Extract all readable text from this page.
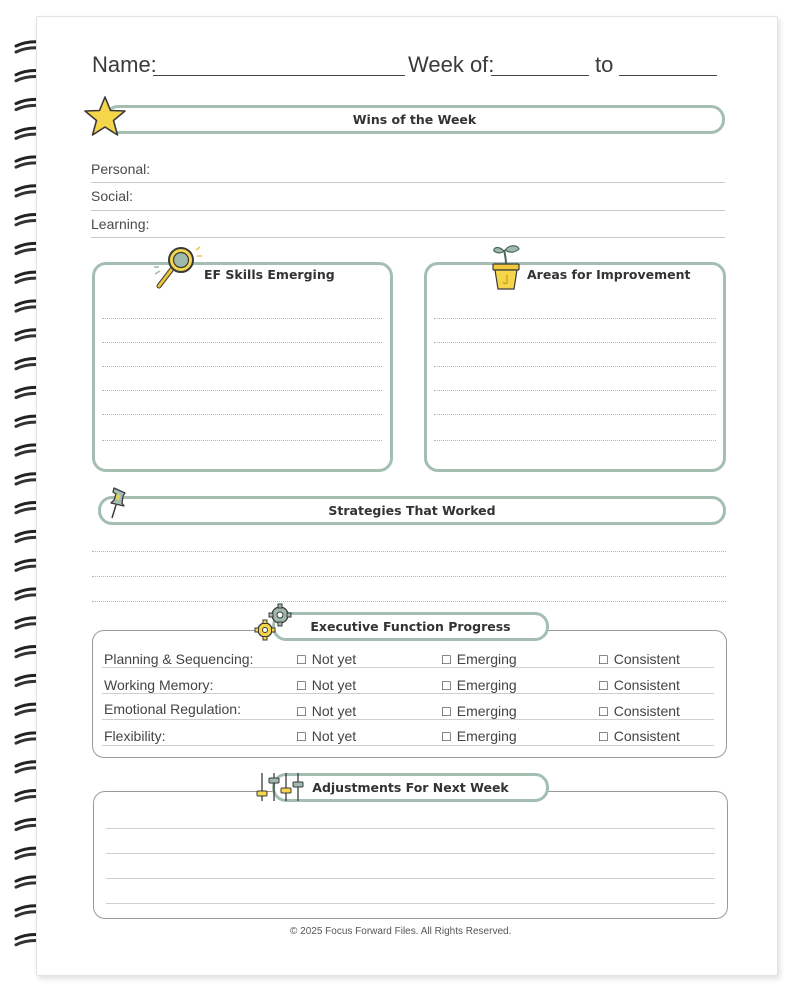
Name:	Week of:	to
Wins of the Week
Personal:
Social:
Learning:
EF Skills Emerging	Areas for Improvement
Strategies That Worked
Executive Function Progress
Planning & Sequencing:	☐ Not yet	☐ Emerging	☐ Consistent
Working Memory:	☐ Not yet	☐ Emerging	☐ Consistent
Emotional Regulation:	☐ Not yet	☐ Emerging	☐ Consistent
Flexibility:	☐ Not yet	☐ Emerging	☐ Consistent
Adjustments For Next Week
© 2025 Focus Forward Files. All Rights Reserved.
